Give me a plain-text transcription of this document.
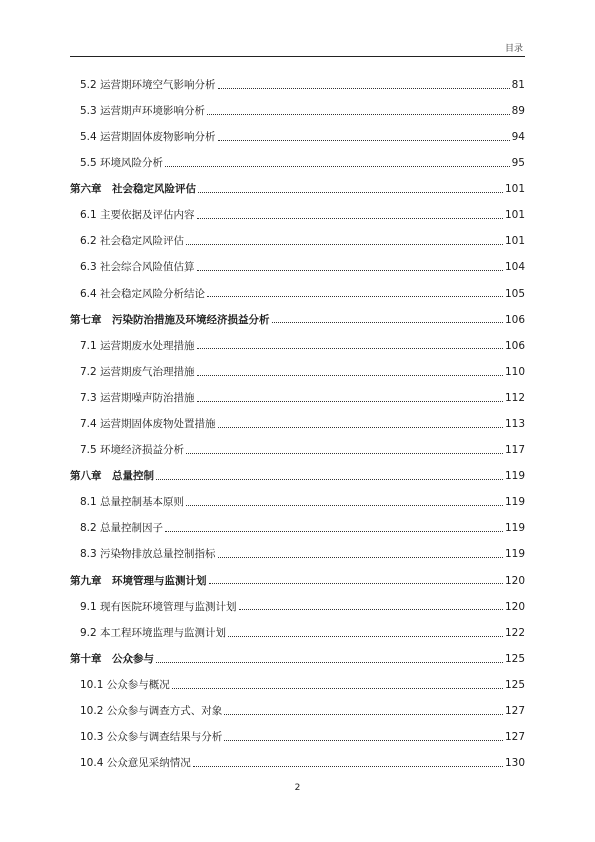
目录
5.2 运营期环境空气影响分析	81
5.3 运营期声环境影响分析	89
5.4 运营期固体废物影响分析	94
5.5 环境风险分析	95
第六章　社会稳定风险评估	101
6.1 主要依据及评估内容	101
6.2 社会稳定风险评估	101
6.3 社会综合风险值估算	104
6.4 社会稳定风险分析结论	105
第七章　污染防治措施及环境经济损益分析	106
7.1 运营期废水处理措施	106
7.2 运营期废气治理措施	110
7.3 运营期噪声防治措施	112
7.4 运营期固体废物处置措施	113
7.5 环境经济损益分析	117
第八章　总量控制	119
8.1 总量控制基本原则	119
8.2 总量控制因子	119
8.3 污染物排放总量控制指标	119
第九章　环境管理与监测计划	120
9.1 现有医院环境管理与监测计划	120
9.2 本工程环境监理与监测计划	122
第十章　公众参与	125
10.1 公众参与概况	125
10.2 公众参与调查方式、对象	127
10.3 公众参与调查结果与分析	127
10.4 公众意见采纳情况	130
2
